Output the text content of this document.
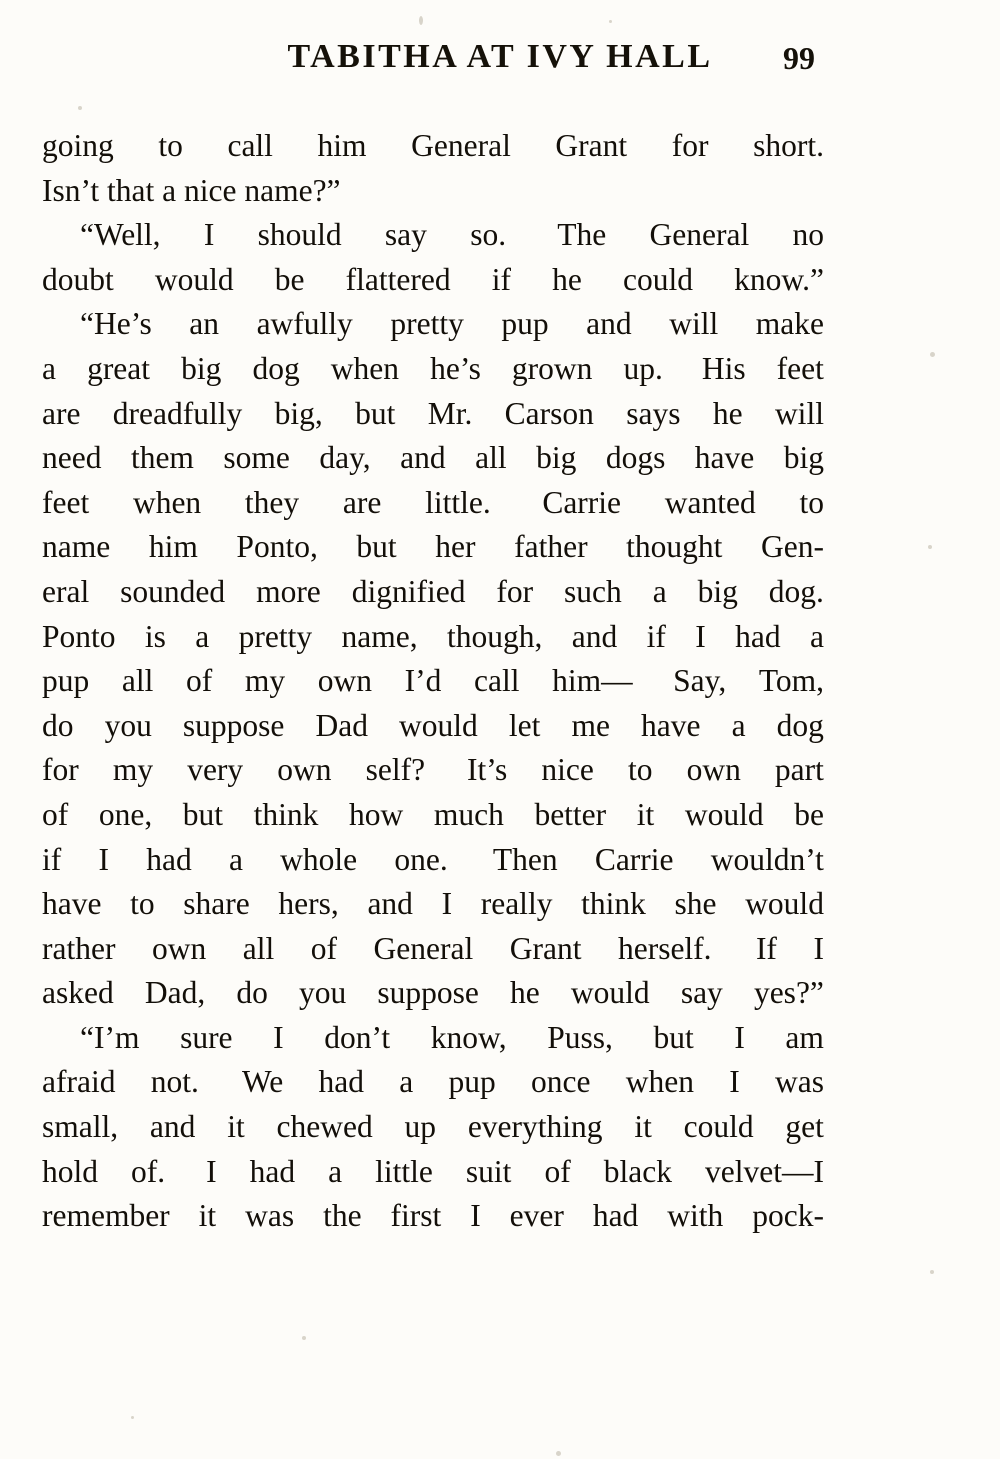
TABITHA AT IVY HALL 99
going to call him General Grant for short.
Isn’t that a nice name?”
“Well, I should say so. The General no
doubt would be flattered if he could know.”
“He’s an awfully pretty pup and will make
a great big dog when he’s grown up. His feet
are dreadfully big, but Mr. Carson says he will
need them some day, and all big dogs have big
feet when they are little. Carrie wanted to
name him Ponto, but her father thought Gen-
eral sounded more dignified for such a big dog.
Ponto is a pretty name, though, and if I had a
pup all of my own I’d call him— Say, Tom,
do you suppose Dad would let me have a dog
for my very own self? It’s nice to own part
of one, but think how much better it would be
if I had a whole one. Then Carrie wouldn’t
have to share hers, and I really think she would
rather own all of General Grant herself. If I
asked Dad, do you suppose he would say yes?”
“I’m sure I don’t know, Puss, but I am
afraid not. We had a pup once when I was
small, and it chewed up everything it could get
hold of. I had a little suit of black velvet—I
remember it was the first I ever had with pock-
